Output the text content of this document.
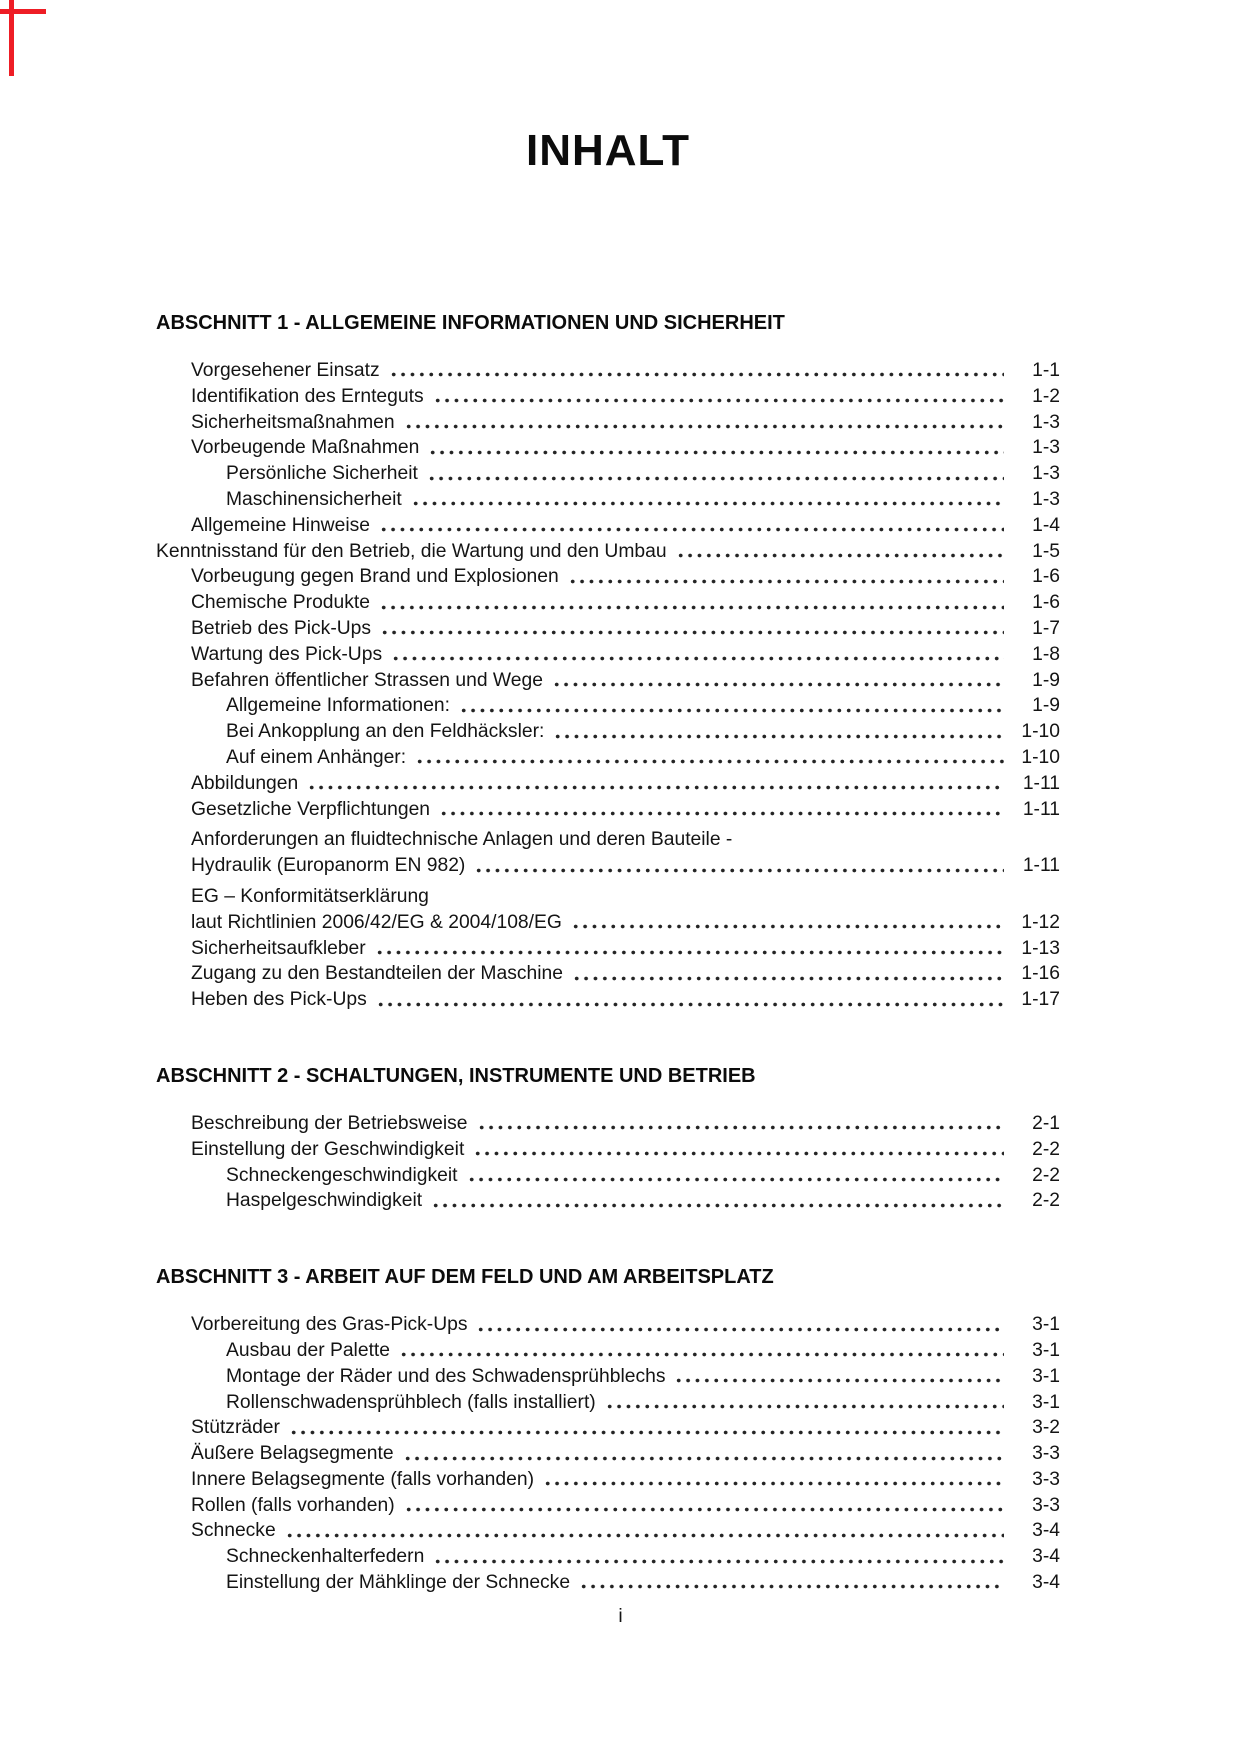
INHALT
ABSCHNITT 1 - ALLGEMEINE INFORMATIONEN UND SICHERHEIT
Vorgesehener Einsatz	1-1
Identifikation des Ernteguts	1-2
Sicherheitsmaßnahmen	1-3
Vorbeugende Maßnahmen	1-3
Persönliche Sicherheit	1-3
Maschinensicherheit	1-3
Allgemeine Hinweise	1-4
Kenntnisstand für den Betrieb, die Wartung und den Umbau	1-5
Vorbeugung gegen Brand und Explosionen	1-6
Chemische Produkte	1-6
Betrieb des Pick-Ups	1-7
Wartung des Pick-Ups	1-8
Befahren öffentlicher Strassen und Wege	1-9
Allgemeine Informationen:	1-9
Bei Ankopplung an den Feldhäcksler:	1-10
Auf einem Anhänger:	1-10
Abbildungen	1-11
Gesetzliche Verpflichtungen	1-11
Anforderungen an fluidtechnische Anlagen und deren Bauteile -
Hydraulik (Europanorm EN 982)	1-11
EG – Konformitätserklärung
laut Richtlinien 2006/42/EG & 2004/108/EG	1-12
Sicherheitsaufkleber	1-13
Zugang zu den Bestandteilen der Maschine	1-16
Heben des Pick-Ups	1-17
ABSCHNITT 2 - SCHALTUNGEN, INSTRUMENTE UND BETRIEB
Beschreibung der Betriebsweise	2-1
Einstellung der Geschwindigkeit	2-2
Schneckengeschwindigkeit	2-2
Haspelgeschwindigkeit	2-2
ABSCHNITT 3 - ARBEIT AUF DEM FELD UND AM ARBEITSPLATZ
Vorbereitung des Gras-Pick-Ups	3-1
Ausbau der Palette	3-1
Montage der Räder und des Schwadensprühblechs	3-1
Rollenschwadensprühblech (falls installiert)	3-1
Stützräder	3-2
Äußere Belagsegmente	3-3
Innere Belagsegmente (falls vorhanden)	3-3
Rollen (falls vorhanden)	3-3
Schnecke	3-4
Schneckenhalterfedern	3-4
Einstellung der Mähklinge der Schnecke	3-4
i
